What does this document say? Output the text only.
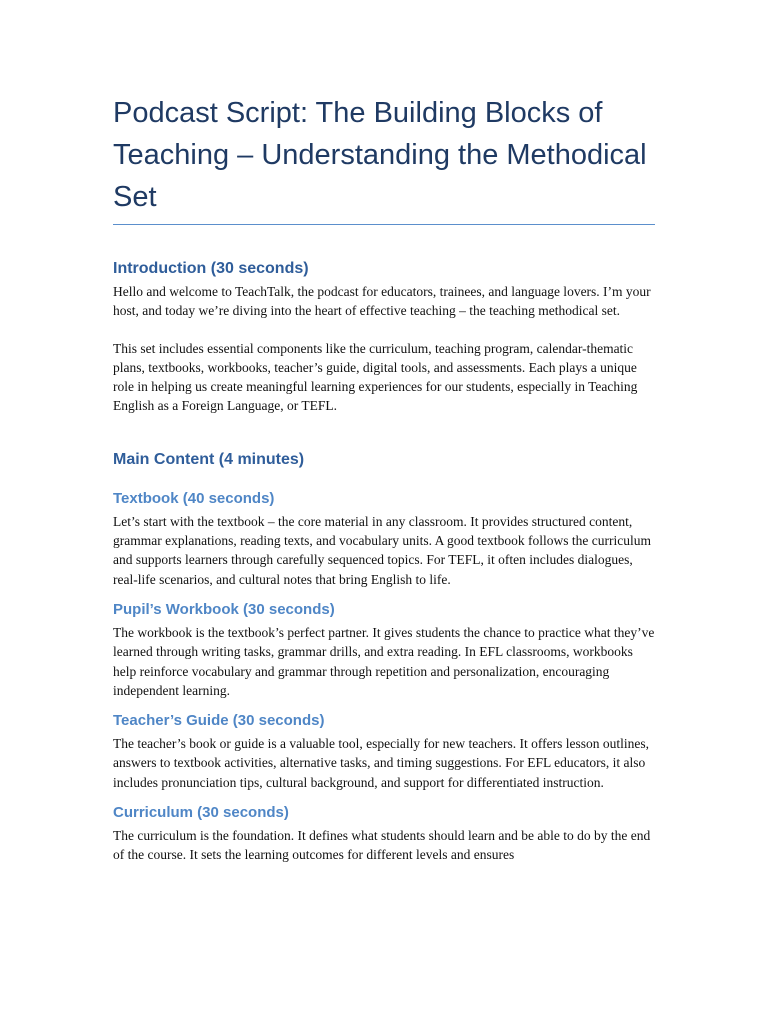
Podcast Script: The Building Blocks of Teaching – Understanding the Methodical Set
Introduction (30 seconds)

Hello and welcome to TeachTalk, the podcast for educators, trainees, and language lovers. I’m your host, and today we’re diving into the heart of effective teaching – the teaching methodical set.

This set includes essential components like the curriculum, teaching program, calendar-thematic plans, textbooks, workbooks, teacher’s guide, digital tools, and assessments. Each plays a unique role in helping us create meaningful learning experiences for our students, especially in Teaching English as a Foreign Language, or TEFL.

Main Content (4 minutes)
Textbook (40 seconds)

Let’s start with the textbook – the core material in any classroom. It provides structured content, grammar explanations, reading texts, and vocabulary units. A good textbook follows the curriculum and supports learners through carefully sequenced topics. For TEFL, it often includes dialogues, real-life scenarios, and cultural notes that bring English to life.

Pupil’s Workbook (30 seconds)

The workbook is the textbook’s perfect partner. It gives students the chance to practice what they’ve learned through writing tasks, grammar drills, and extra reading. In EFL classrooms, workbooks help reinforce vocabulary and grammar through repetition and personalization, encouraging independent learning.

Teacher’s Guide (30 seconds)

The teacher’s book or guide is a valuable tool, especially for new teachers. It offers lesson outlines, answers to textbook activities, alternative tasks, and timing suggestions. For EFL educators, it also includes pronunciation tips, cultural background, and support for differentiated instruction.

Curriculum (30 seconds)

The curriculum is the foundation. It defines what students should learn and be able to do by the end of the course. It sets the learning outcomes for different levels and ensures
